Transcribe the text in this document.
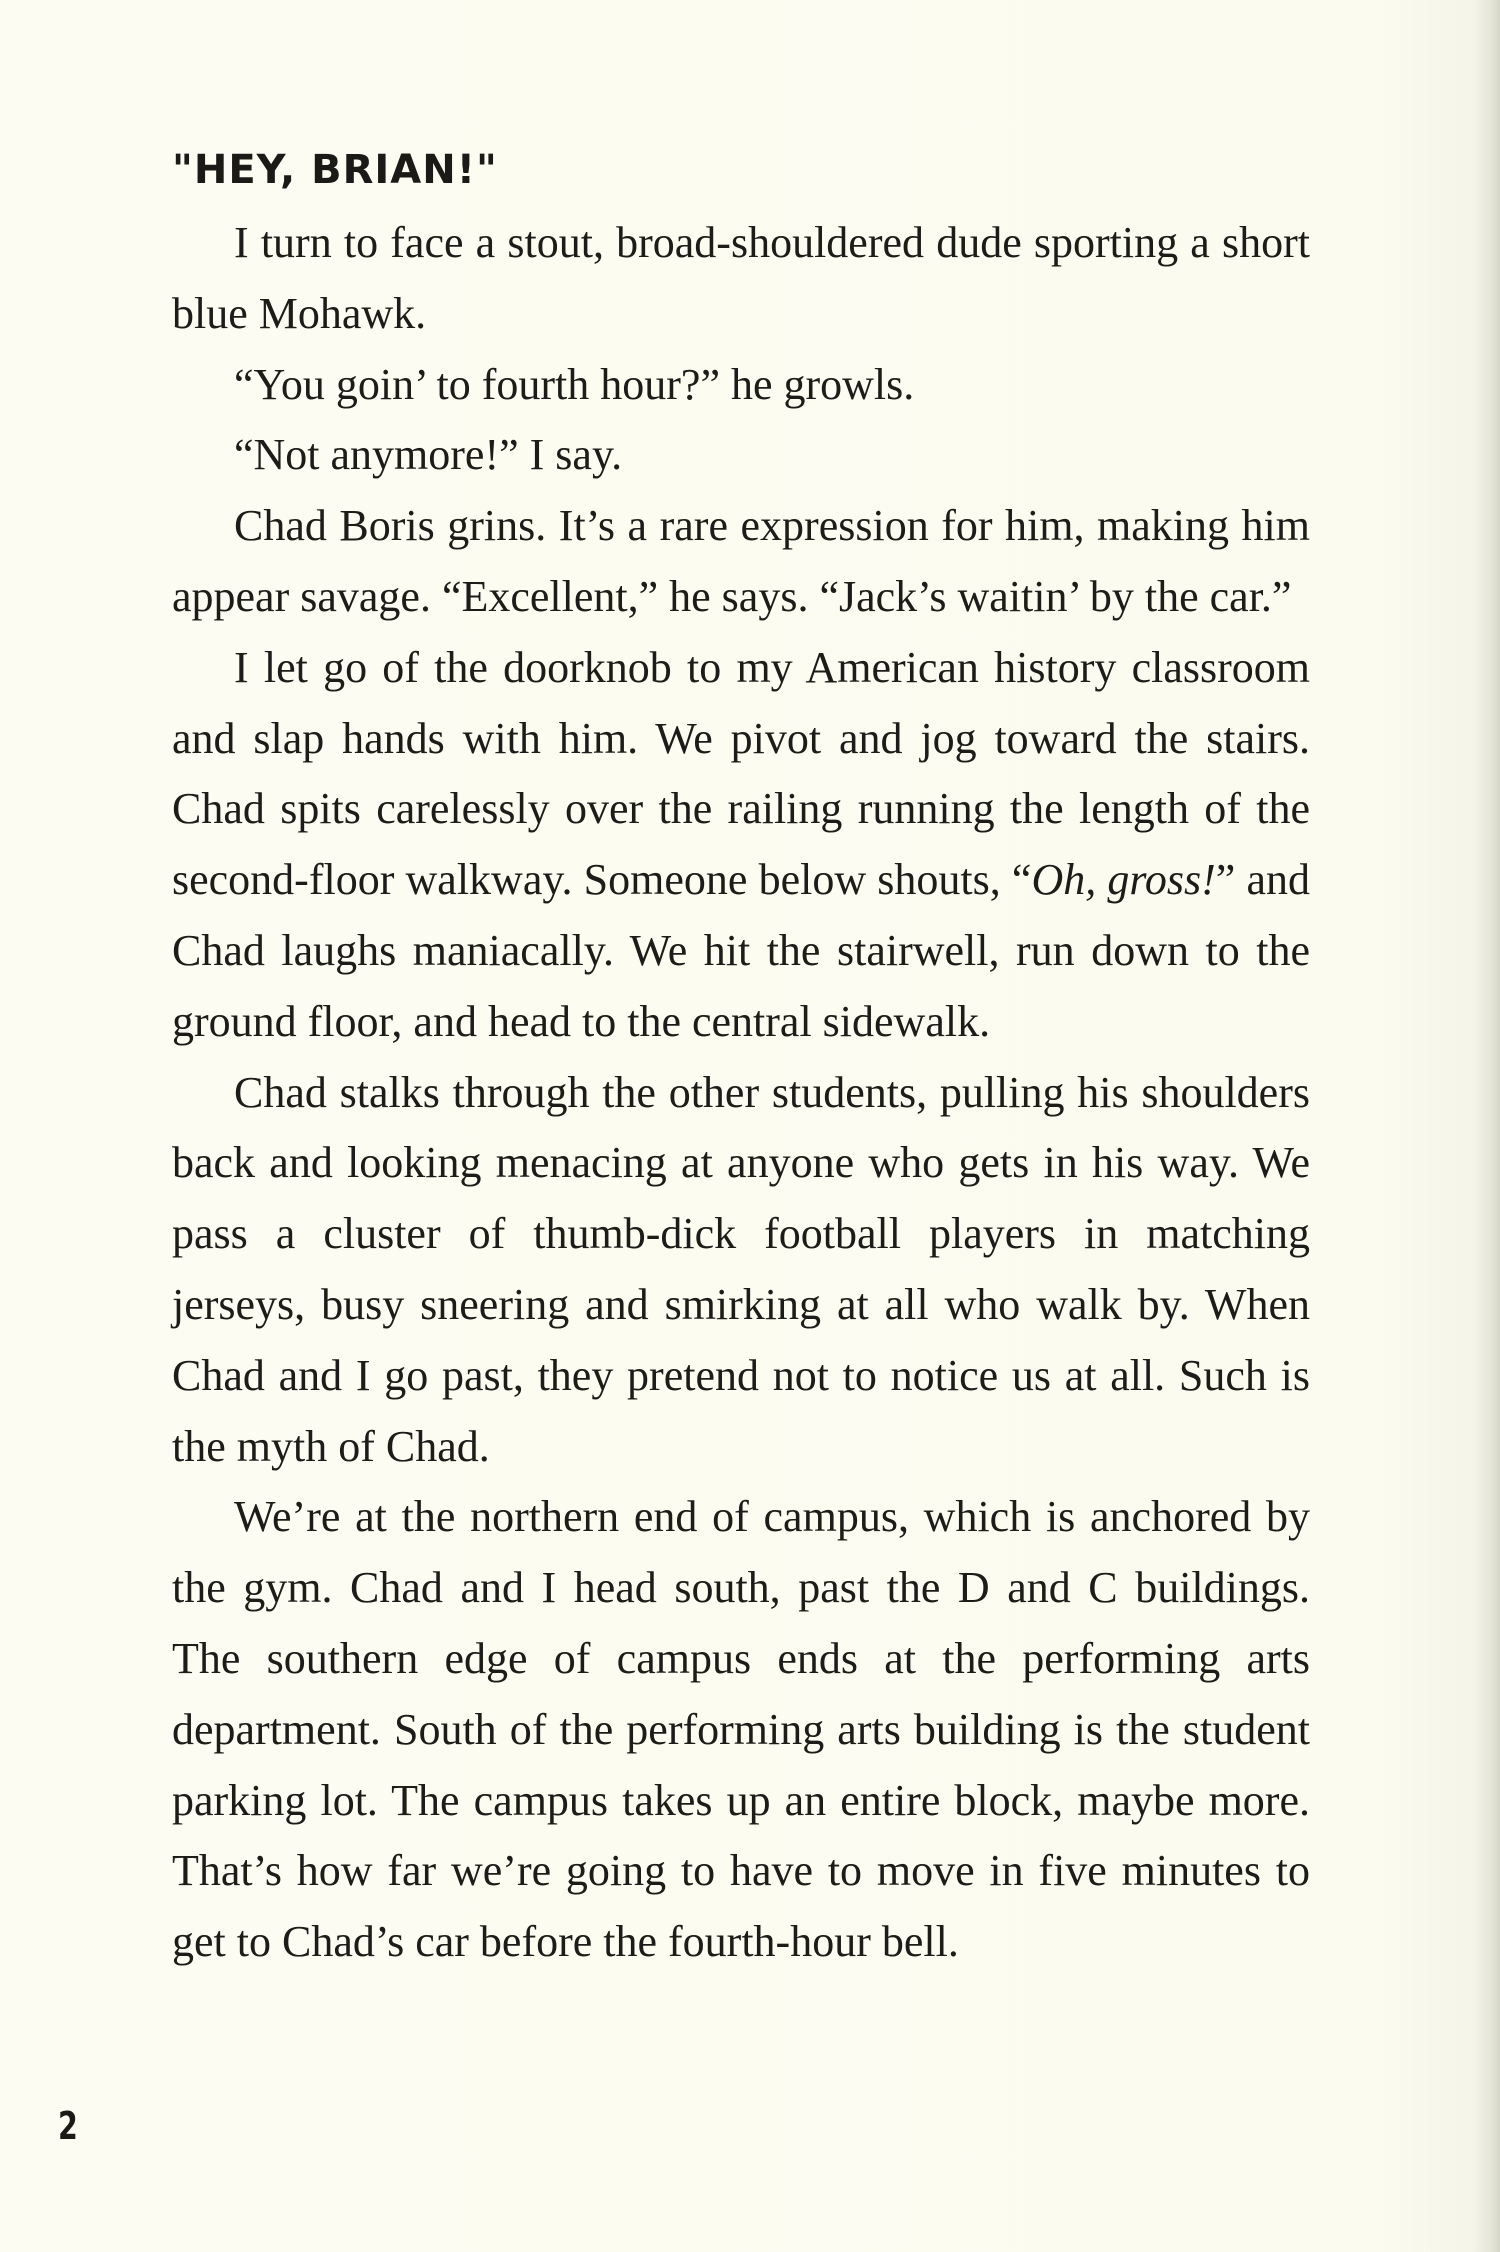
"HEY, BRIAN!"

I turn to face a stout, broad-shouldered dude sporting a short blue Mohawk.

“You goin’ to fourth hour?” he growls.

“Not anymore!” I say.

Chad Boris grins. It’s a rare expression for him, making him appear savage. “Excellent,” he says. “Jack’s waitin’ by the car.”

I let go of the doorknob to my American history classroom and slap hands with him. We pivot and jog toward the stairs. Chad spits carelessly over the railing running the length of the second-floor walkway. Someone below shouts, “Oh, gross!” and Chad laughs maniacally. We hit the stairwell, run down to the ground floor, and head to the central sidewalk.

Chad stalks through the other students, pulling his shoulders back and looking menacing at anyone who gets in his way. We pass a cluster of thumb-dick football players in matching jerseys, busy sneering and smirking at all who walk by. When Chad and I go past, they pretend not to notice us at all. Such is the myth of Chad.

We’re at the northern end of campus, which is anchored by the gym. Chad and I head south, past the D and C buildings. The southern edge of campus ends at the performing arts department. South of the performing arts building is the student parking lot. The campus takes up an entire block, maybe more. That’s how far we’re going to have to move in five minutes to get to Chad’s car before the fourth-hour bell.

2
